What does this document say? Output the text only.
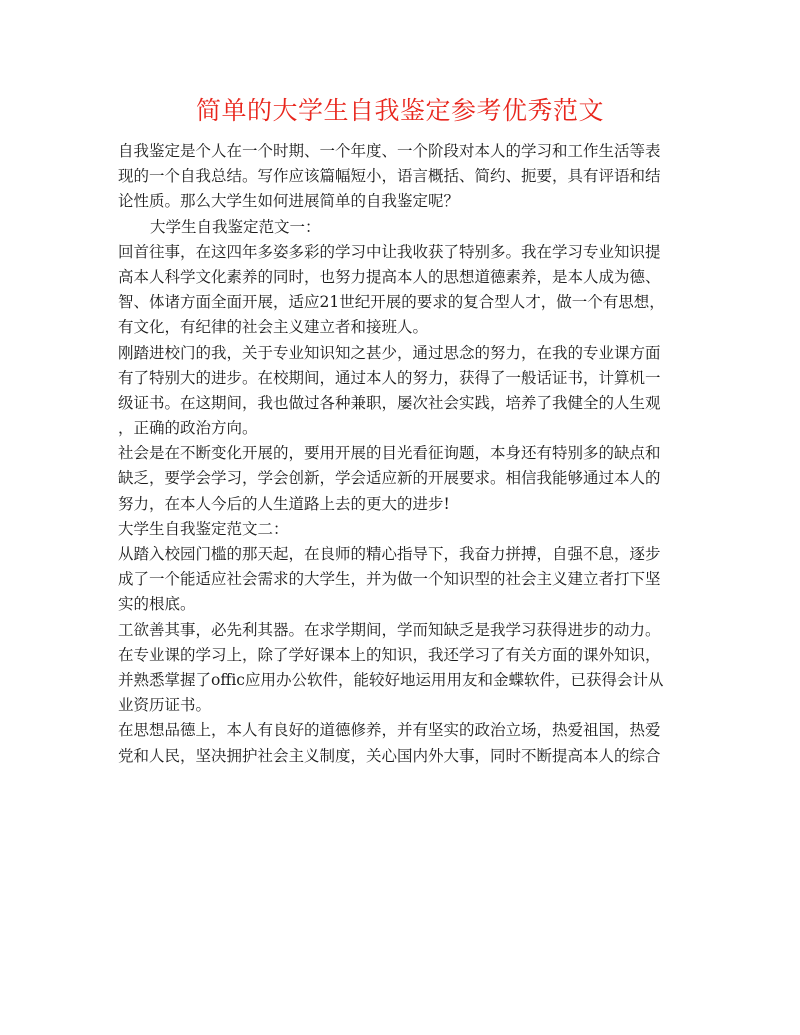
简单的大学生自我鉴定参考优秀范文
自我鉴定是个人在一个时期、一个年度、一个阶段对本人的学习和工作生活等表
现的一个自我总结。写作应该篇幅短小，语言概括、简约、扼要，具有评语和结
论性质。那么大学生如何进展简单的自我鉴定呢？
大学生自我鉴定范文一：
回首往事，在这四年多姿多彩的学习中让我收获了特别多。我在学习专业知识提
高本人科学文化素养的同时，也努力提高本人的思想道德素养，是本人成为德、
智、体诸方面全面开展，适应21世纪开展的要求的复合型人才，做一个有思想，
有文化，有纪律的社会主义建立者和接班人。
刚踏进校门的我，关于专业知识知之甚少，通过思念的努力，在我的专业课方面
有了特别大的进步。在校期间，通过本人的努力，获得了一般话证书，计算机一
级证书。在这期间，我也做过各种兼职，屡次社会实践，培养了我健全的人生观
，正确的政治方向。
社会是在不断变化开展的，要用开展的目光看征询题，本身还有特别多的缺点和
缺乏，要学会学习，学会创新，学会适应新的开展要求。相信我能够通过本人的
努力，在本人今后的人生道路上去的更大的进步!
大学生自我鉴定范文二：
从踏入校园门槛的那天起，在良师的精心指导下，我奋力拼搏，自强不息，逐步
成了一个能适应社会需求的大学生，并为做一个知识型的社会主义建立者打下坚
实的根底。
工欲善其事，必先利其器。在求学期间，学而知缺乏是我学习获得进步的动力。
在专业课的学习上，除了学好课本上的知识，我还学习了有关方面的课外知识，
并熟悉掌握了offic应用办公软件，能较好地运用用友和金蝶软件，已获得会计从
业资历证书。
在思想品德上，本人有良好的道德修养，并有坚实的政治立场，热爱祖国，热爱
党和人民，坚决拥护社会主义制度，关心国内外大事，同时不断提高本人的综合
